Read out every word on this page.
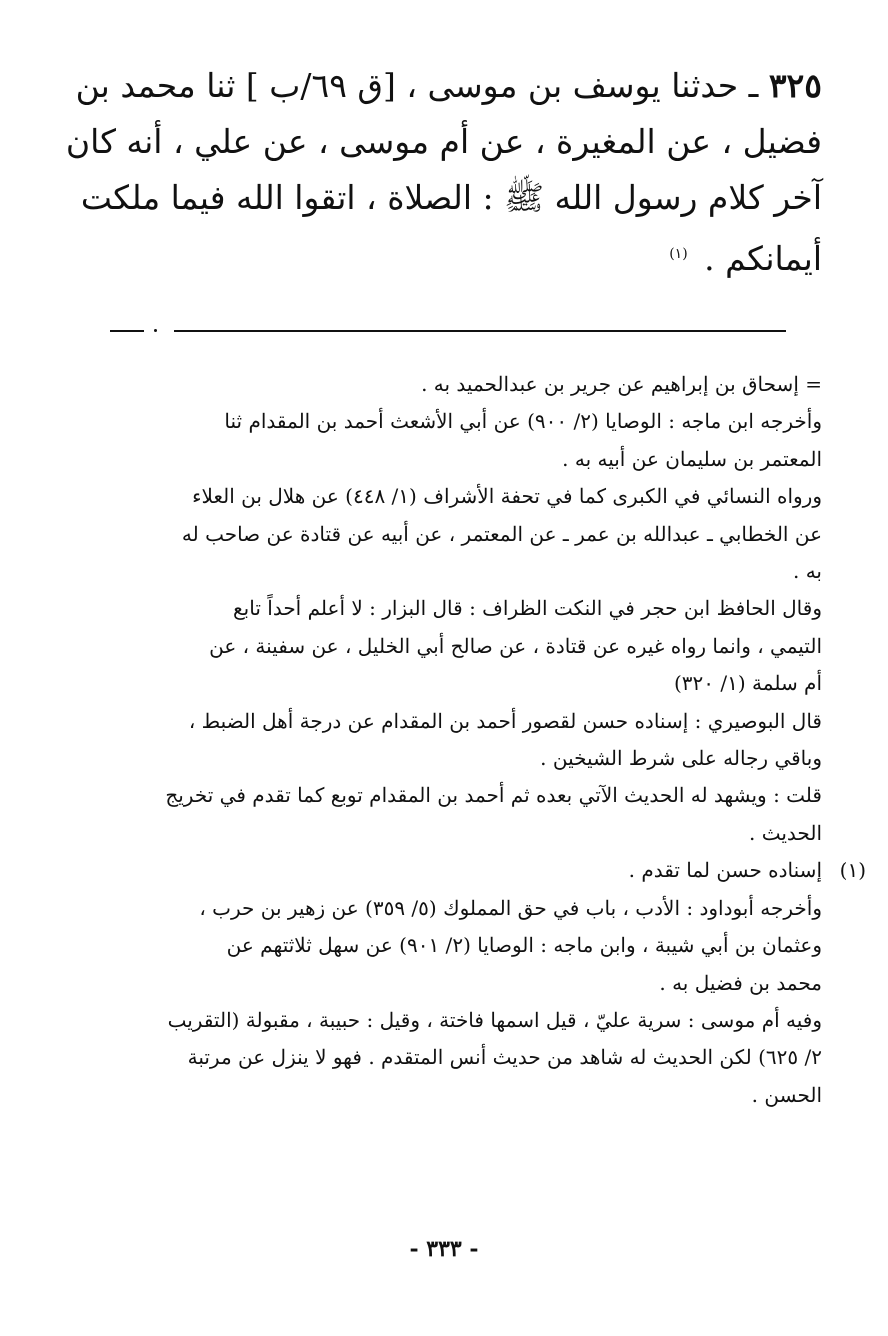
٣٢٥ ـ حدثنا يوسف بن موسى ، [ق ٦٩/ب ] ثنا محمد بن
فضيل ، عن المغيرة ، عن أم موسى ، عن علي ، أنه كان
آخر كلام رسول الله ﷺ : الصلاة ، اتقوا الله فيما ملكت
أيمانكم . $^{(١)}$
= إسحاق بن إبراهيم عن جرير بن عبدالحميد به .
وأخرجه ابن ماجه : الوصايا (٢/ ٩٠٠) عن أبي الأشعث أحمد بن المقدام ثنا
المعتمر بن سليمان عن أبيه به .
ورواه النسائي في الكبرى كما في تحفة الأشراف (١/ ٤٤٨) عن هلال بن العلاء
عن الخطابي ـ عبدالله بن عمر ـ عن المعتمر ، عن أبيه عن قتادة عن صاحب له
به .
وقال الحافظ ابن حجر في النكت الظراف : قال البزار : لا أعلم أحداً تابع
التيمي ، وانما رواه غيره عن قتادة ، عن صالح أبي الخليل ، عن سفينة ، عن
أم سلمة (١/ ٣٢٠)
قال البوصيري : إسناده حسن لقصور أحمد بن المقدام عن درجة أهل الضبط ،
وباقي رجاله على شرط الشيخين .
قلت : ويشهد له الحديث الآتي بعده ثم أحمد بن المقدام توبع كما تقدم في تخريج
الحديث .
(١)
إسناده حسن لما تقدم .
وأخرجه أبوداود : الأدب ، باب في حق المملوك (٥/ ٣٥٩) عن زهير بن حرب ،
وعثمان بن أبي شيبة ، وابن ماجه : الوصايا (٢/ ٩٠١) عن سهل ثلاثتهم عن
محمد بن فضيل به .
وفيه أم موسى : سرية عليّ ، قيل اسمها فاختة ، وقيل : حبيبة ، مقبولة (التقريب
٢/ ٦٢٥) لكن الحديث له شاهد من حديث أنس المتقدم . فهو لا ينزل عن مرتبة
الحسن .
- ٣٣٣ -
